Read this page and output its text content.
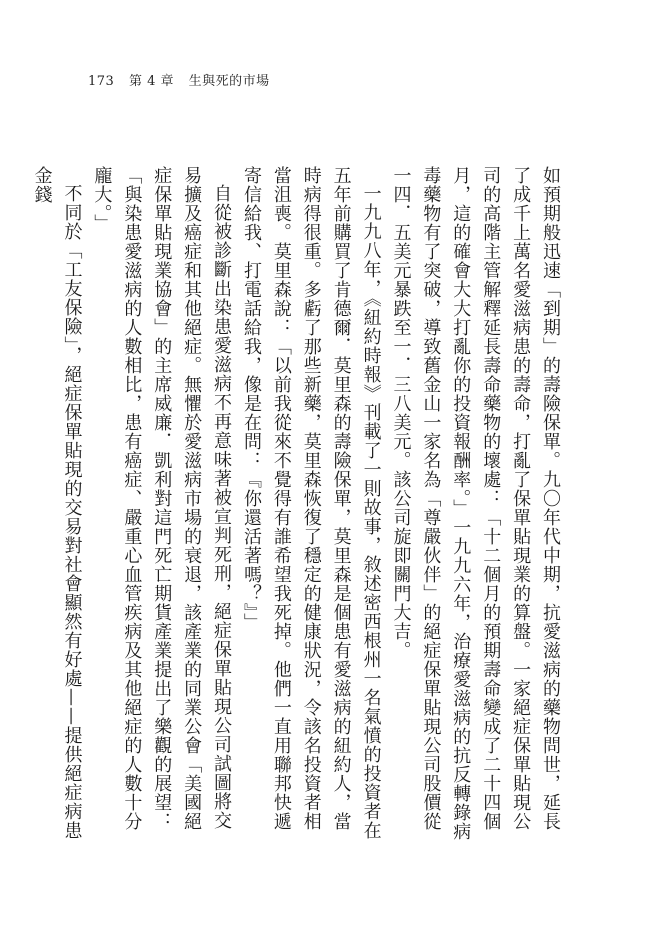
173 第 4 章 生與死的市場

如預期般迅速「到期」的壽險保單。九〇年代中期，抗愛滋病的藥物問世，延長了成千上萬名愛滋病患的壽命，打亂了保單貼現業的算盤。一家絕症保單貼現公司的高階主管解釋延長壽命藥物的壞處：「十二個月的預期壽命變成了二十四個月，這的確會大大打亂你的投資報酬率。」一九九六年，治療愛滋病的抗反轉錄病毒藥物有了突破，導致舊金山一家名為「尊嚴伙伴」的絕症保單貼現公司股價從一四．五美元暴跌至一．三八美元。該公司旋即關門大吉。

一九九八年，《紐約時報》刊載了一則故事，敘述密西根州一名氣憤的投資者在五年前購買了肯德爾．莫里森的壽險保單，莫里森是個患有愛滋病的紐約人，當時病得很重。多虧了那些新藥，莫里森恢復了穩定的健康狀況，令該名投資者相當沮喪。莫里森說：「以前我從來不覺得有誰希望我死掉。他們一直用聯邦快遞寄信給我、打電話給我，像是在問：『你還活著嗎？』」

自從被診斷出染患愛滋病不再意味著被宣判死刑，絕症保單貼現公司試圖將交易擴及癌症和其他絕症。無懼於愛滋病市場的衰退，該產業的同業公會「美國絕症保單貼現業協會」的主席威廉．凱利對這門死亡期貨產業提出了樂觀的展望：「與染患愛滋病的人數相比，患有癌症、嚴重心血管疾病及其他絕症的人數十分龐大。」

不同於「工友保險」，絕症保單貼現的交易對社會顯然有好處——提供絕症病患金錢
